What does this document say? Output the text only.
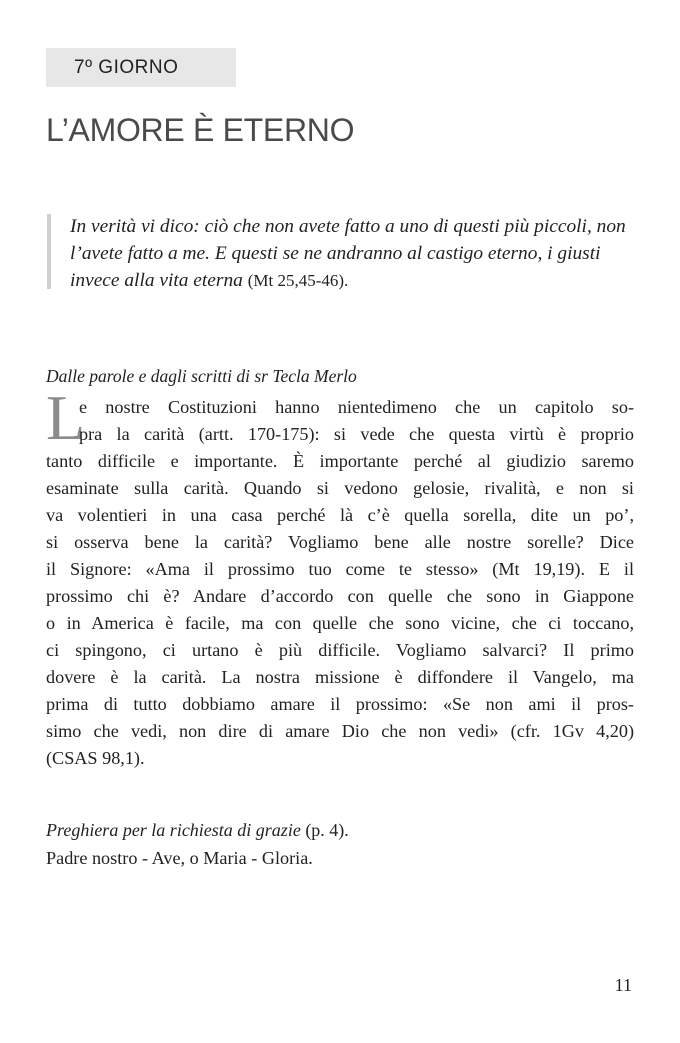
7º GIORNO
L’AMORE È ETERNO

In verità vi dico: ciò che non avete fatto a uno di questi più piccoli, non l’avete fatto a me. E questi se ne andranno al castigo eterno, i giusti invece alla vita eterna (Mt 25,45-46).

Dalle parole e dagli scritti di sr Tecla Merlo

L
e nostre Costituzioni hanno nientedimeno che un capitolo so-
pra la carità (artt. 170-175): si vede che questa virtù è proprio
tanto difficile e importante. È importante perché al giudizio saremo
esaminate sulla carità. Quando si vedono gelosie, rivalità, e non si
va volentieri in una casa perché là c’è quella sorella, dite un po’,
si osserva bene la carità? Vogliamo bene alle nostre sorelle? Dice
il Signore: «Ama il prossimo tuo come te stesso» (Mt 19,19). E il
prossimo chi è? Andare d’accordo con quelle che sono in Giappone
o in America è facile, ma con quelle che sono vicine, che ci toccano,
ci spingono, ci urtano è più difficile. Vogliamo salvarci? Il primo
dovere è la carità. La nostra missione è diffondere il Vangelo, ma
prima di tutto dobbiamo amare il prossimo: «Se non ami il pros-
simo che vedi, non dire di amare Dio che non vedi» (cfr. 1Gv 4,20)
(CSAS 98,1).

Preghiera per la richiesta di grazie (p. 4).

Padre nostro - Ave, o Maria - Gloria.

11
